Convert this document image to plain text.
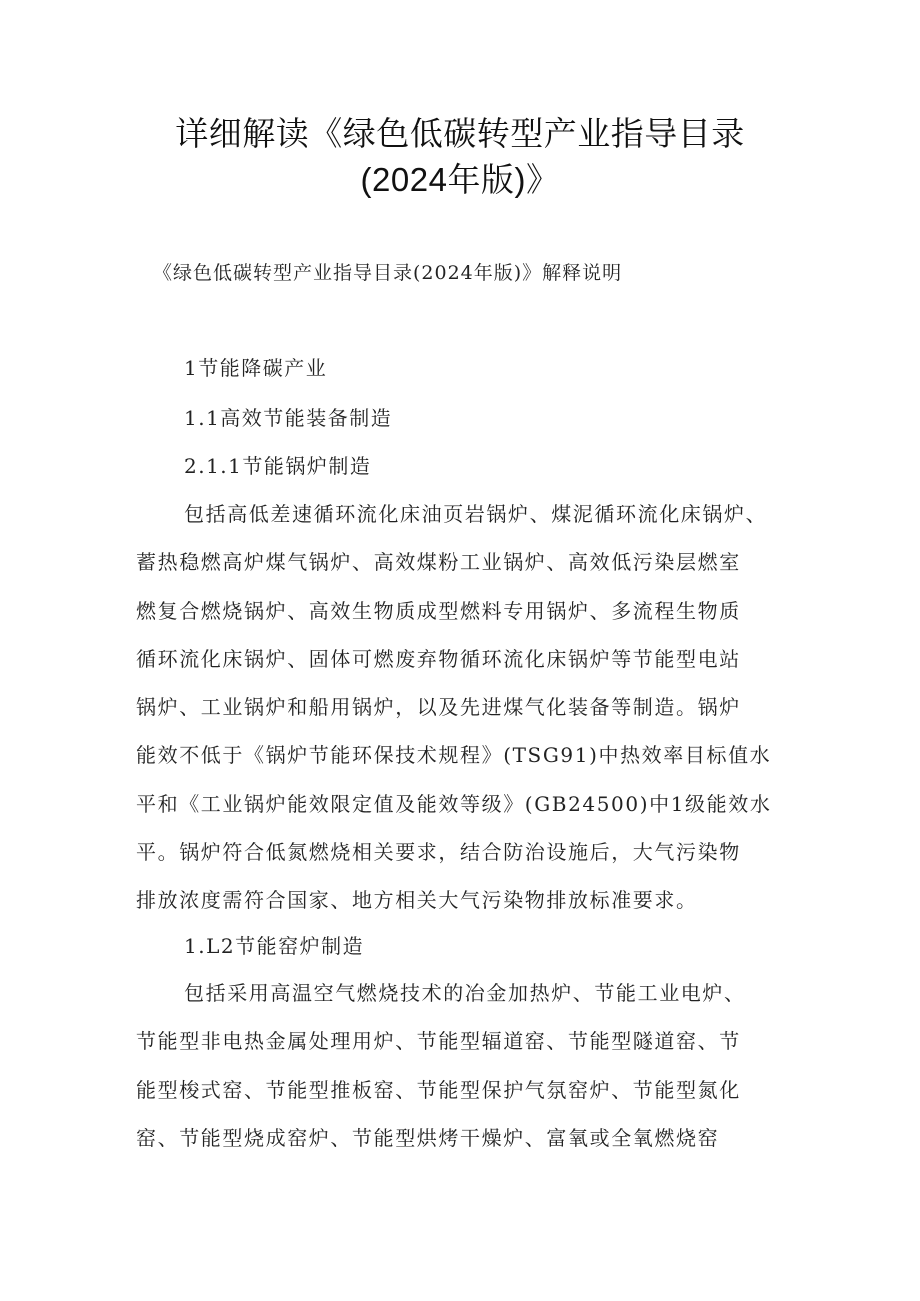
详细解读《绿色低碳转型产业指导目录
(2024年版)》
《绿色低碳转型产业指导目录(2024年版)》解释说明
1节能降碳产业
1.1高效节能装备制造
2.1.1节能锅炉制造
包括高低差速循环流化床油页岩锅炉、煤泥循环流化床锅炉、
蓄热稳燃高炉煤气锅炉、高效煤粉工业锅炉、高效低污染层燃室
燃复合燃烧锅炉、高效生物质成型燃料专用锅炉、多流程生物质
循环流化床锅炉、固体可燃废弃物循环流化床锅炉等节能型电站
锅炉、工业锅炉和船用锅炉，以及先进煤气化装备等制造。锅炉
能效不低于《锅炉节能环保技术规程》(TSG91)中热效率目标值水
平和《工业锅炉能效限定值及能效等级》(GB24500)中1级能效水
平。锅炉符合低氮燃烧相关要求，结合防治设施后，大气污染物
排放浓度需符合国家、地方相关大气污染物排放标准要求。
1.L2节能窑炉制造
包括采用高温空气燃烧技术的冶金加热炉、节能工业电炉、
节能型非电热金属处理用炉、节能型辐道窑、节能型隧道窑、节
能型梭式窑、节能型推板窑、节能型保护气氛窑炉、节能型氮化
窑、节能型烧成窑炉、节能型烘烤干燥炉、富氧或全氧燃烧窑
